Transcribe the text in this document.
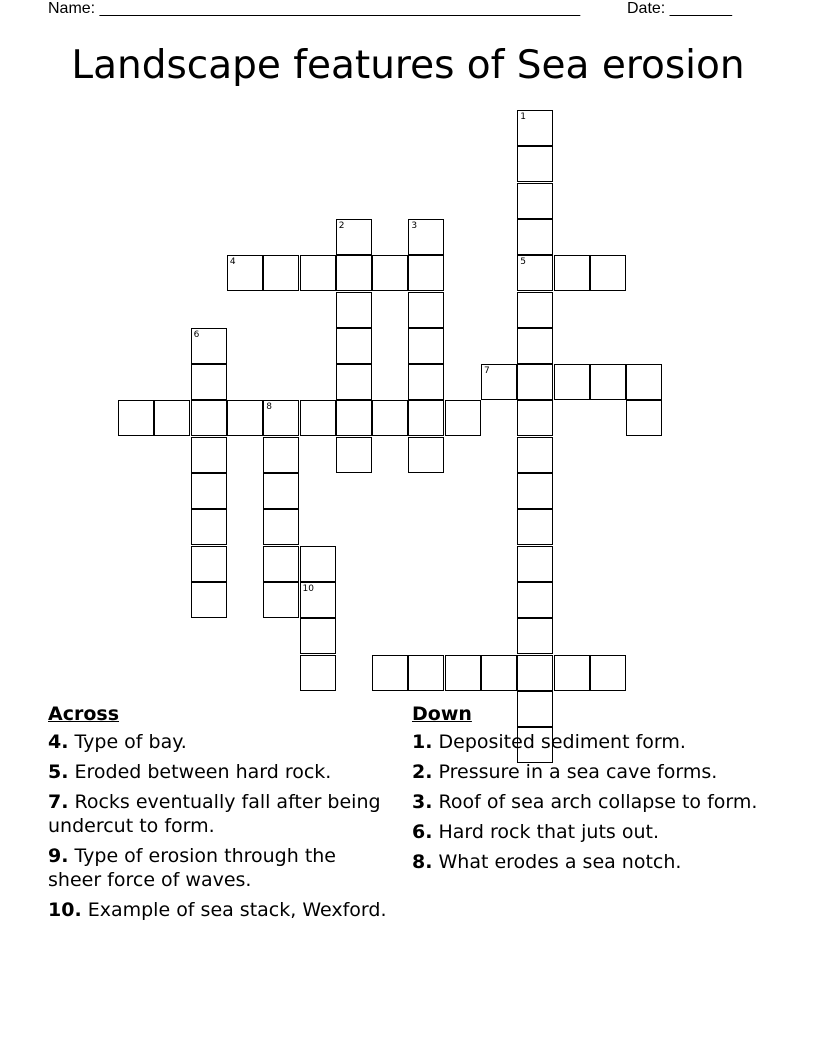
Name: ______________________________________________________	Date: _______
Landscape features of Sea erosion
1
5
2	3
4
6
7
8
10
Across
4. Type of bay.
5. Eroded between hard rock.
7. Rocks eventually fall after being undercut to form.
9. Type of erosion through the sheer force of waves.
10. Example of sea stack, Wexford.
Down
1. Deposited sediment form.
2. Pressure in a sea cave forms.
3. Roof of sea arch collapse to form.
6. Hard rock that juts out.
8. What erodes a sea notch.
